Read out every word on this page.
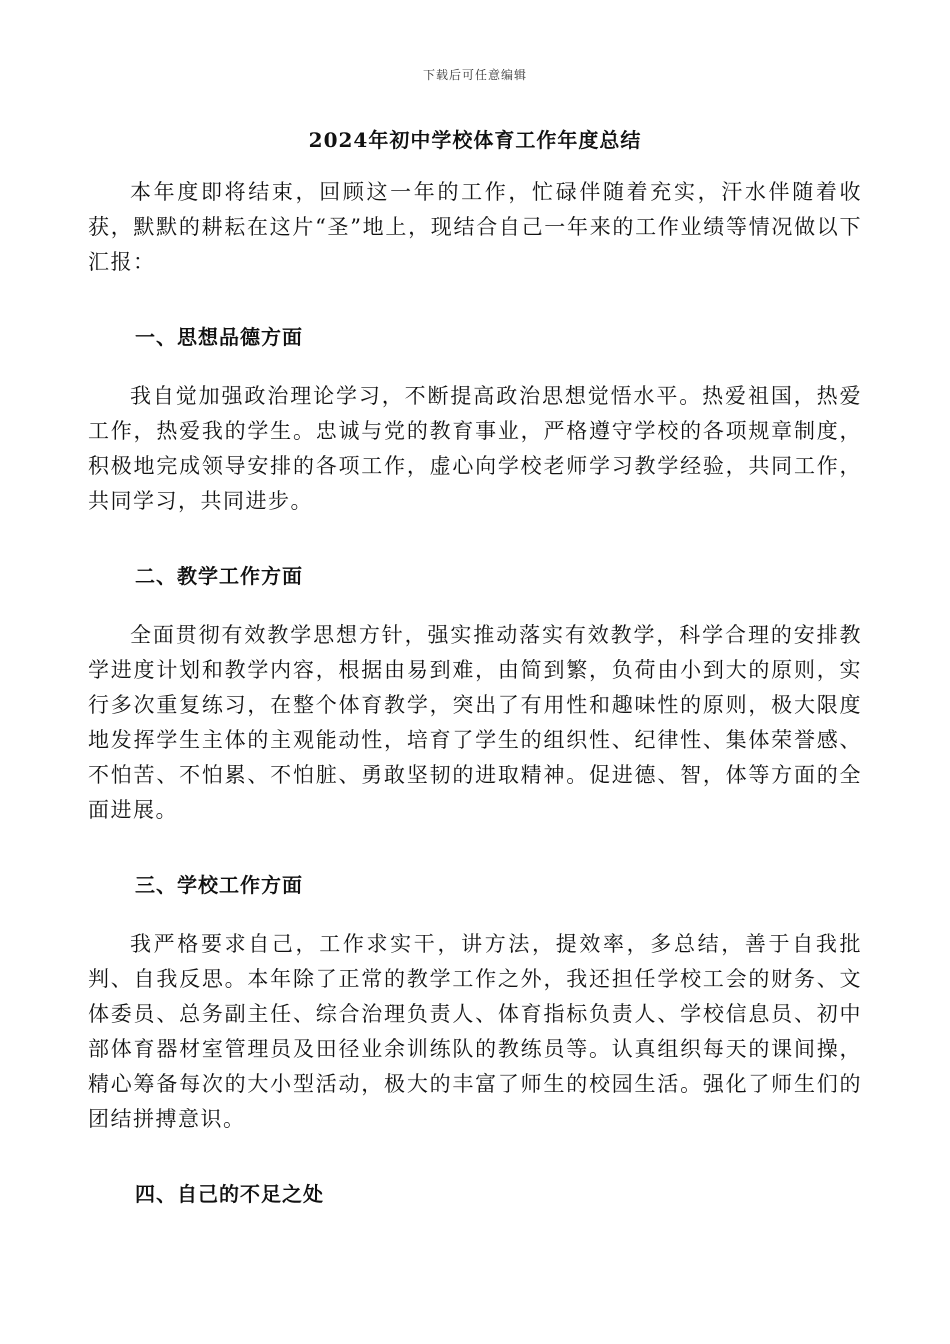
下载后可任意编辑
2024年初中学校体育工作年度总结

本年度即将结束，回顾这一年的工作，忙碌伴随着充实，汗水伴随着收获，默默的耕耘在这片“圣”地上，现结合自己一年来的工作业绩等情况做以下汇报：

一、思想品德方面

我自觉加强政治理论学习，不断提高政治思想觉悟水平。热爱祖国，热爱工作，热爱我的学生。忠诚与党的教育事业，严格遵守学校的各项规章制度，积极地完成领导安排的各项工作，虚心向学校老师学习教学经验，共同工作，共同学习，共同进步。

二、教学工作方面

全面贯彻有效教学思想方针，强实推动落实有效教学，科学合理的安排教学进度计划和教学内容，根据由易到难，由简到繁，负荷由小到大的原则，实行多次重复练习，在整个体育教学，突出了有用性和趣味性的原则，极大限度地发挥学生主体的主观能动性，培育了学生的组织性、纪律性、集体荣誉感、不怕苦、不怕累、不怕脏、勇敢坚韧的进取精神。促进德、智，体等方面的全面进展。

三、学校工作方面

我严格要求自己，工作求实干，讲方法，提效率，多总结，善于自我批判、自我反思。本年除了正常的教学工作之外，我还担任学校工会的财务、文体委员、总务副主任、综合治理负责人、体育指标负责人、学校信息员、初中部体育器材室管理员及田径业余训练队的教练员等。认真组织每天的课间操，精心筹备每次的大小型活动，极大的丰富了师生的校园生活。强化了师生们的团结拼搏意识。

四、自己的不足之处
